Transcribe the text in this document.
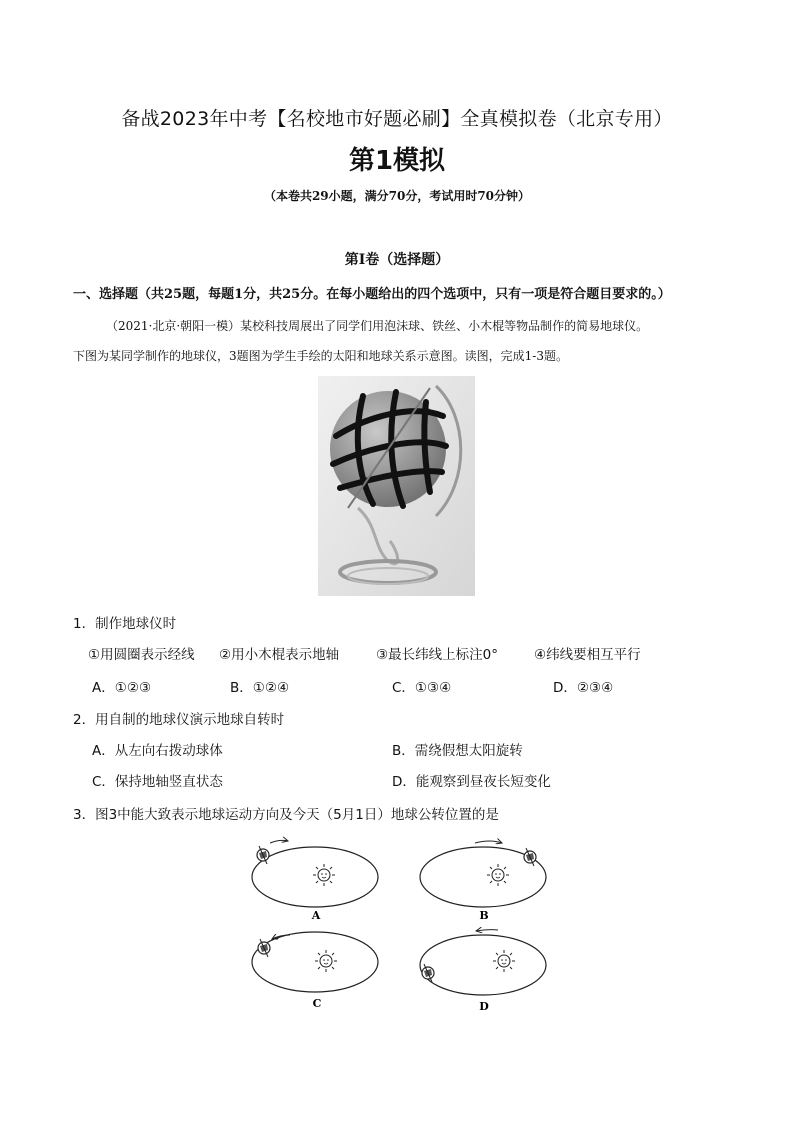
备战2023年中考【名校地市好题必刷】全真模拟卷（北京专用）
第1模拟
（本卷共29小题，满分70分，考试用时70分钟）
第I卷（选择题）
一、选择题（共25题，每题1分，共25分。在每小题给出的四个选项中，只有一项是符合题目要求的。）
（2021·北京·朝阳一模）某校科技周展出了同学们用泡沫球、铁丝、小木棍等物品制作的简易地球仪。
下图为某同学制作的地球仪，3题图为学生手绘的太阳和地球关系示意图。读图，完成1-3题。
1．制作地球仪时
①用圆圈表示经线 ②用小木棍表示地轴	③最长纬线上标注0°	④纬线要相互平行
A．①②③	B．①②④	C．①③④	D．②③④
2．用自制的地球仪演示地球自转时
A．从左向右拨动球体	B．需绕假想太阳旋转
C．保持地轴竖直状态	D．能观察到昼夜长短变化
3．图3中能大致表示地球运动方向及今天（5月1日）地球公转位置的是
A	B
C	D
